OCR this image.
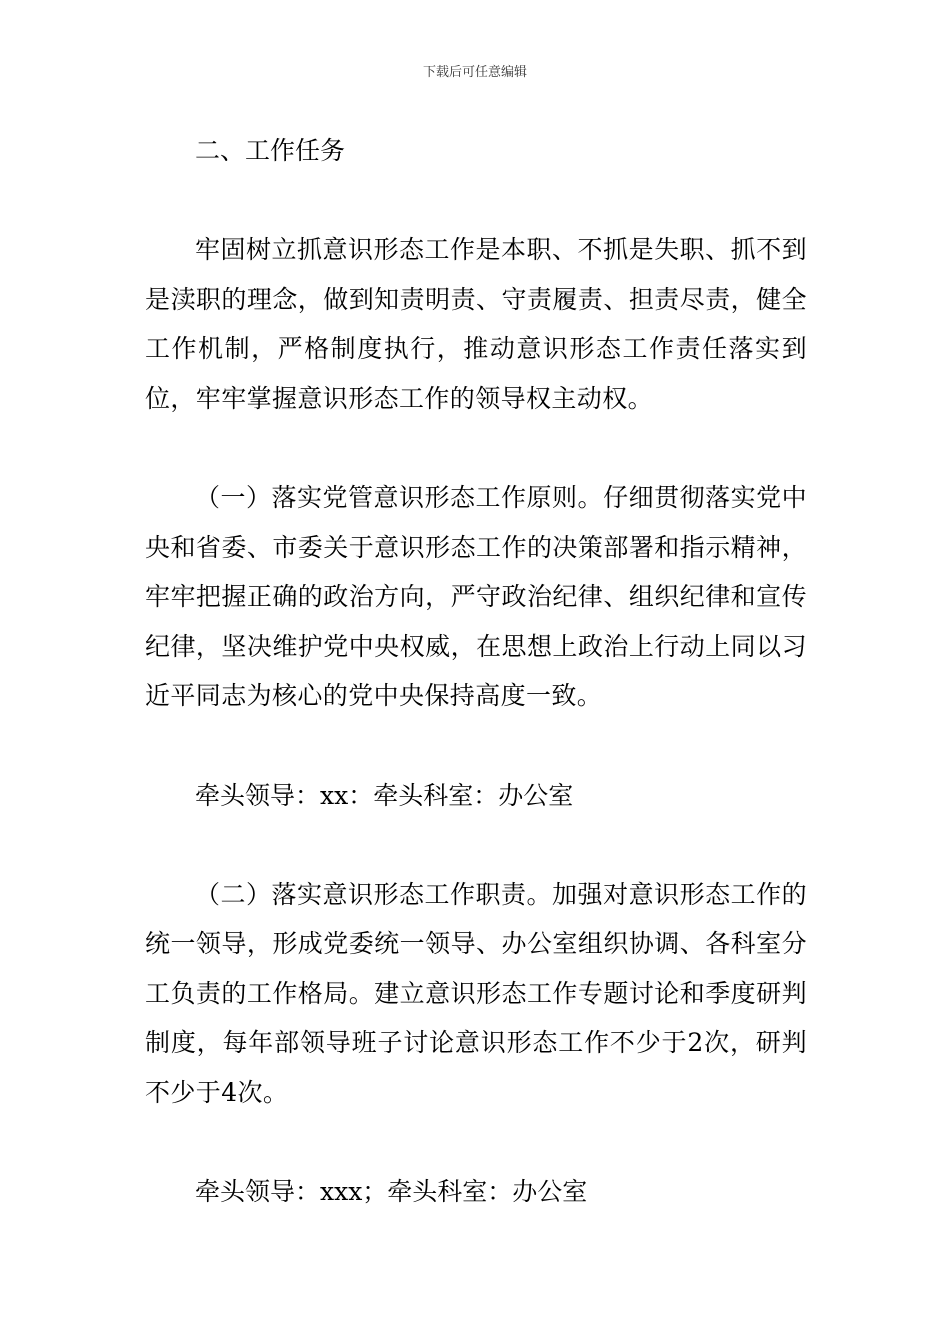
下载后可任意编辑
二、工作任务
牢固树立抓意识形态工作是本职、不抓是失职、抓不到是渎职的理念，做到知责明责、守责履责、担责尽责，健全工作机制，严格制度执行，推动意识形态工作责任落实到位，牢牢掌握意识形态工作的领导权主动权。
（一）落实党管意识形态工作原则。仔细贯彻落实党中央和省委、市委关于意识形态工作的决策部署和指示精神，牢牢把握正确的政治方向，严守政治纪律、组织纪律和宣传纪律，坚决维护党中央权威，在思想上政治上行动上同以习近平同志为核心的党中央保持高度一致。
牵头领导：xx：牵头科室：办公室
（二）落实意识形态工作职责。加强对意识形态工作的统一领导，形成党委统一领导、办公室组织协调、各科室分工负责的工作格局。建立意识形态工作专题讨论和季度研判制度，每年部领导班子讨论意识形态工作不少于2次，研判不少于4次。
牵头领导：xxx；牵头科室：办公室
